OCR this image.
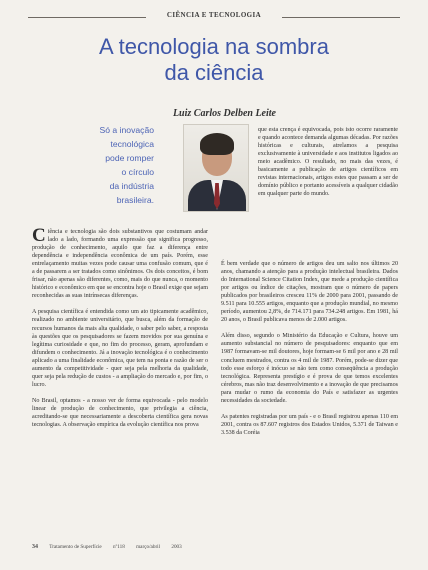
CIÊNCIA E TECNOLOGIA
A tecnologia na sombra
da ciência
Luiz Carlos Delben Leite
Só a inovação
tecnológica
pode romper
o círculo
da indústria
brasileira.

que esta crença é equivocada, pois isto ocorre raramente e quando acontece demanda algumas décadas. Por razões históricas e culturais, atrelamos a pesquisa exclusivamente à universidade e aos institutos ligados ao meio acadêmico. O resultado, no mais das vezes, é basicamente a publicação de artigos científicos em revistas internacionais, artigos estes que passam a ser de domínio público e portanto acessíveis a qualquer cidadão em qualquer parte do mundo.

Ciência e tecnologia são dois substantivos que costumam andar lado a lado, formando uma expressão que significa progresso, produção de conhecimento, aquilo que faz a diferença entre dependência e independência econômica de um país. Porém, esse entrelaçamento muitas vezes pode causar uma confusão comum, que é a de passarem a ser tratados como sinônimos. Os dois conceitos, é bom frisar, não apenas são diferentes, como, mais do que nunca, o momento histórico e econômico em que se encontra hoje o Brasil exige que sejam reconhecidas as suas intrínsecas diferenças.

A pesquisa científica é entendida como um ato tipicamente acadêmico, realizado no ambiente universitário, que busca, além da formação de recursos humanos da mais alta qualidade, o saber pelo saber, a resposta às questões que os pesquisadores se fazem movidos por sua genuína e legítima curiosidade e que, no fim do processo, geram, aprofundam e difundem o conhecimento. Já a inovação tecnológica é o conhecimento aplicado a uma finalidade econômica, que tem na ponta e razão de ser o aumento da competitividade - quer seja pela melhoria da qualidade, quer seja pela redução de custos - a ampliação do mercado e, por fim, o lucro.

No Brasil, optamos - a nosso ver de forma equivocada - pelo modelo linear de produção de conhecimento, que privilegia a ciência, acreditando-se que necessariamente a descoberta científica gera novas tecnologias. A observação empírica da evolução científica nos prova

É bem verdade que o número de artigos deu um salto nos últimos 20 anos, chamando a atenção para a produção intelectual brasileira. Dados do International Science Citation Index, que mede a produção científica por artigos ou índice de citações, mostram que o número de papers publicados por brasileiros cresceu 11% de 2000 para 2001, passando de 9.511 para 10.555 artigos, enquanto que a produção mundial, no mesmo período, aumentou 2,8%, de 714.171 para 734.248 artigos. Em 1981, há 20 anos, o Brasil publicava menos de 2.000 artigos.

Além disso, segundo o Ministério da Educação e Cultura, houve um aumento substancial no número de pesquisadores: enquanto que em 1987 formavam-se mil doutores, hoje formam-se 6 mil por ano e 28 mil concluem mestrados, contra os 4 mil de 1987. Porém, pode-se dizer que todo esse esforço é inócuo se não tem como conseqüência a produção tecnológica. Representa prestígio e é prova de que temos excelentes cérebros, mas não traz desenvolvimento e a inovação de que precisamos para mudar o rumo da economia do País e satisfazer as urgentes necessidades da sociedade.

As patentes registradas por um país - e o Brasil registrou apenas 110 em 2001, contra os 87.607 registros dos Estados Unidos, 5.371 de Taiwan e 3.538 da Coréia

34 Tratamento de Superfície nº118 março/abril 2003
